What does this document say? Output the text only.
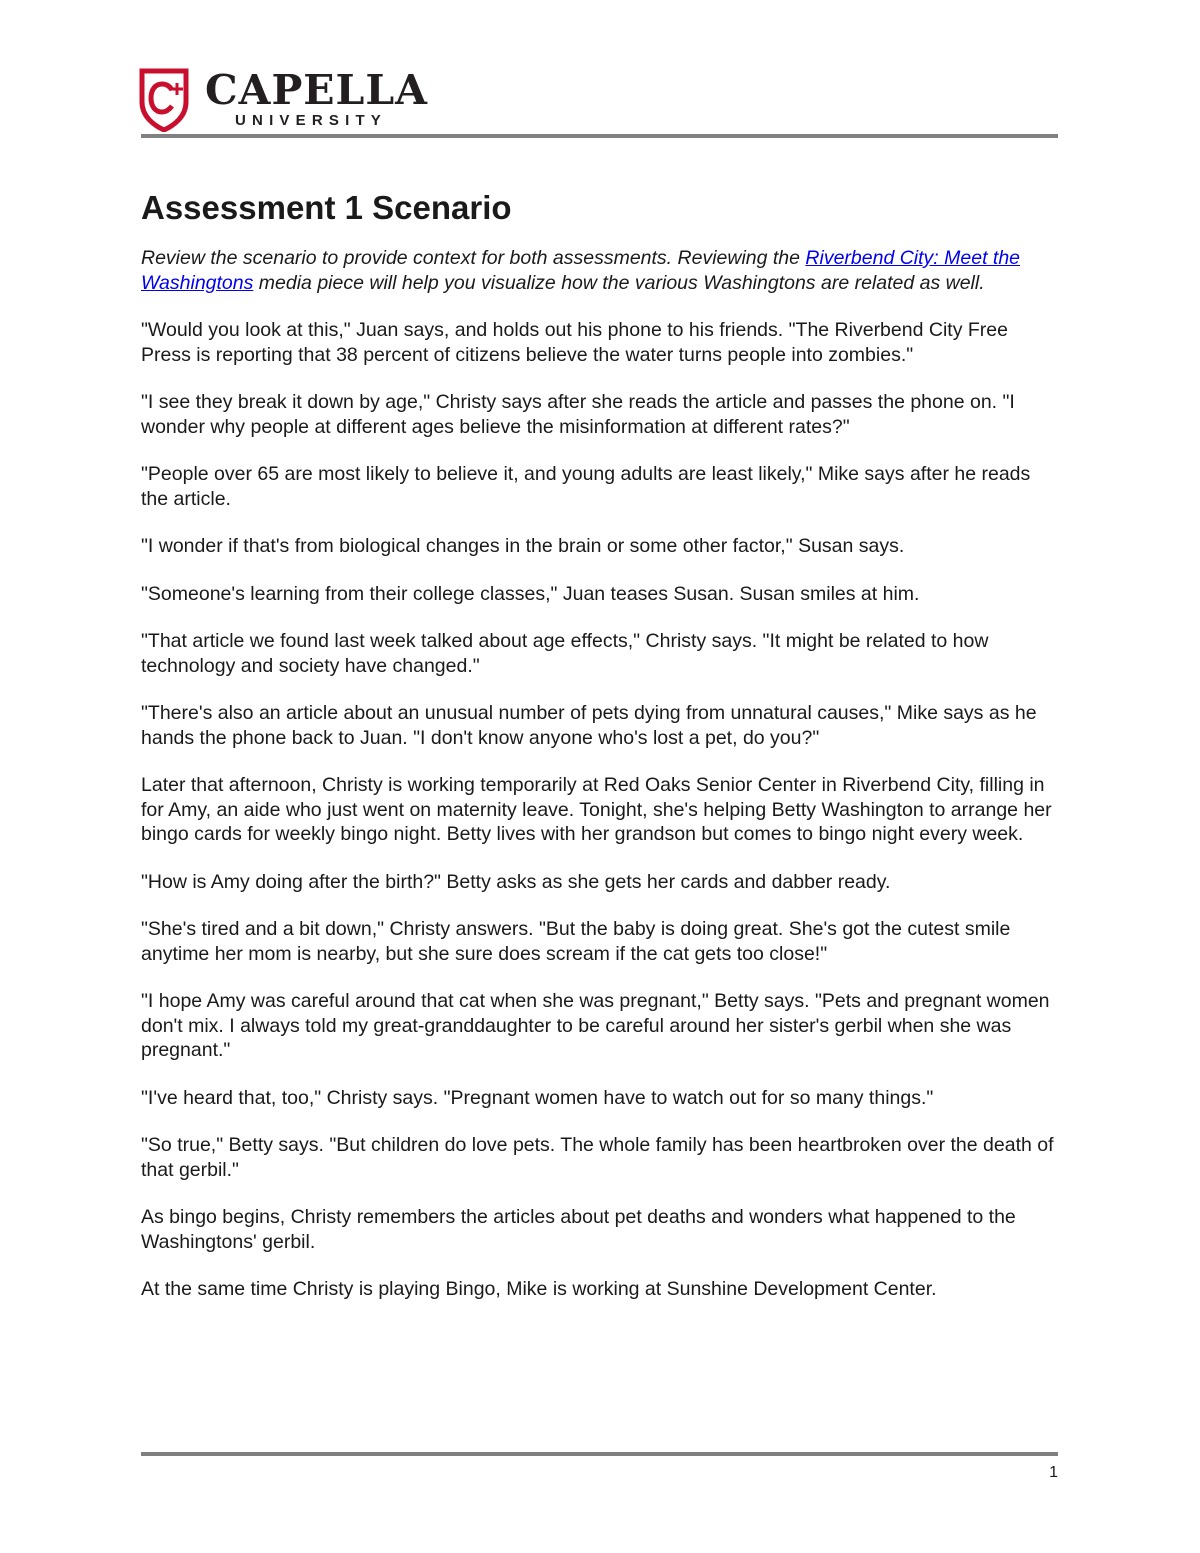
CAPELLA
UNIVERSITY
Assessment 1 Scenario

Review the scenario to provide context for both assessments. Reviewing the Riverbend City: Meet the Washingtons media piece will help you visualize how the various Washingtons are related as well.

"Would you look at this," Juan says, and holds out his phone to his friends. "The Riverbend City Free Press is reporting that 38 percent of citizens believe the water turns people into zombies."

"I see they break it down by age," Christy says after she reads the article and passes the phone on. "I wonder why people at different ages believe the misinformation at different rates?"

"People over 65 are most likely to believe it, and young adults are least likely," Mike says after he reads the article.

"I wonder if that's from biological changes in the brain or some other factor," Susan says.

"Someone's learning from their college classes," Juan teases Susan. Susan smiles at him.

"That article we found last week talked about age effects," Christy says. "It might be related to how technology and society have changed."

"There's also an article about an unusual number of pets dying from unnatural causes," Mike says as he hands the phone back to Juan. "I don't know anyone who's lost a pet, do you?"

Later that afternoon, Christy is working temporarily at Red Oaks Senior Center in Riverbend City, filling in for Amy, an aide who just went on maternity leave. Tonight, she's helping Betty Washington to arrange her bingo cards for weekly bingo night. Betty lives with her grandson but comes to bingo night every week.

"How is Amy doing after the birth?" Betty asks as she gets her cards and dabber ready.

"She's tired and a bit down," Christy answers. "But the baby is doing great. She's got the cutest smile anytime her mom is nearby, but she sure does scream if the cat gets too close!"

"I hope Amy was careful around that cat when she was pregnant," Betty says. "Pets and pregnant women don't mix. I always told my great-granddaughter to be careful around her sister's gerbil when she was pregnant."

"I've heard that, too," Christy says. "Pregnant women have to watch out for so many things."

"So true," Betty says. "But children do love pets. The whole family has been heartbroken over the death of that gerbil."

As bingo begins, Christy remembers the articles about pet deaths and wonders what happened to the Washingtons' gerbil.

At the same time Christy is playing Bingo, Mike is working at Sunshine Development Center.

1
